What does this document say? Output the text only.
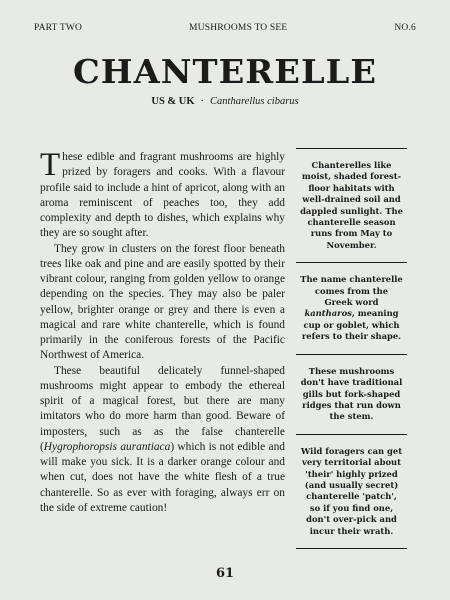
PART TWO	MUSHROOMS TO SEE	NO.6
CHANTERELLE
US & UK · Cantharellus cibarus

These edible and fragrant mushrooms are highly prized by foragers and cooks. With a flavour profile said to include a hint of apricot, along with an aroma reminiscent of peaches too, they add complexity and depth to dishes, which explains why they are so sought after.

They grow in clusters on the forest floor beneath trees like oak and pine and are easily spotted by their vibrant colour, ranging from golden yellow to orange depending on the species. They may also be paler yellow, brighter orange or grey and there is even a magical and rare white chanterelle, which is found primarily in the coniferous forests of the Pacific Northwest of America.

These beautiful delicately funnel-shaped mushrooms might appear to embody the ethereal spirit of a magical forest, but there are many imitators who do more harm than good. Beware of imposters, such as as the false chanterelle (Hygrophoropsis aurantiaca) which is not edible and will make you sick. It is a darker orange colour and when cut, does not have the white flesh of a true chanterelle. So as ever with foraging, always err on the side of extreme caution!

Chanterelles like moist, shaded forest-floor habitats with well-drained soil and dappled sunlight. The chanterelle season runs from May to November.
The name chanterelle comes from the Greek word kantharos, meaning cup or goblet, which refers to their shape.
These mushrooms don't have traditional gills but fork-shaped ridges that run down the stem.
Wild foragers can get very territorial about 'their' highly prized (and usually secret) chanterelle 'patch', so if you find one, don't over-pick and incur their wrath.
61
